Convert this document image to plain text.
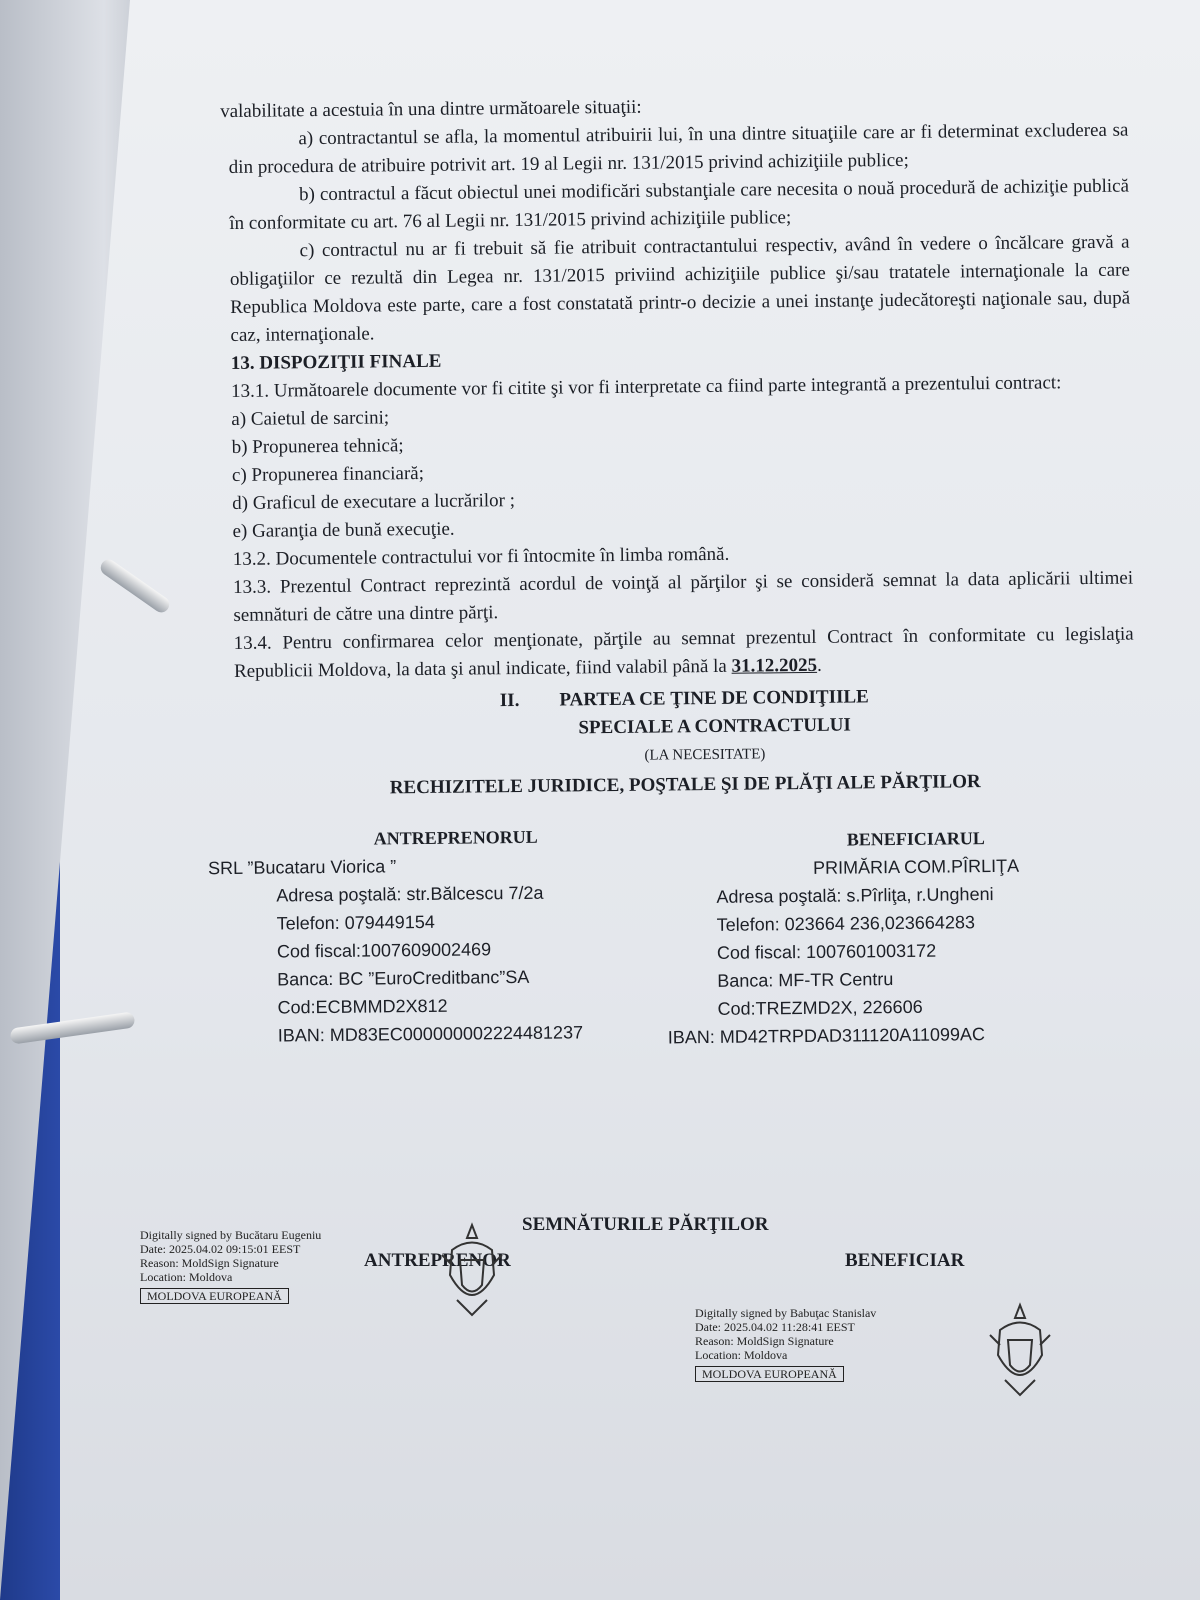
valabilitate a acestuia în una dintre următoarele situaţii:

a) contractantul se afla, la momentul atribuirii lui, în una dintre situaţiile care ar fi determinat excluderea sa din procedura de atribuire potrivit art. 19 al Legii nr. 131/2015 privind achiziţiile publice;

b) contractul a făcut obiectul unei modificări substanţiale care necesita o nouă procedură de achiziţie publică în conformitate cu art. 76 al Legii nr. 131/2015 privind achiziţiile publice;

c) contractul nu ar fi trebuit să fie atribuit contractantului respectiv, având în vedere o încălcare gravă a obligaţiilor ce rezultă din Legea nr. 131/2015 priviind achiziţiile publice şi/sau tratatele internaţionale la care Republica Moldova este parte, care a fost constatată printr-o decizie a unei instanţe judecătoreşti naţionale sau, după caz, internaţionale.

13. DISPOZIŢII FINALE

13.1. Următoarele documente vor fi citite şi vor fi interpretate ca fiind parte integrantă a prezentului contract:

a) Caietul de sarcini;

b) Propunerea tehnică;

c) Propunerea financiară;

d) Graficul de executare a lucrărilor ;

e) Garanţia de bună execuţie.

13.2. Documentele contractului vor fi întocmite în limba română.

13.3. Prezentul Contract reprezintă acordul de voinţă al părţilor şi se consideră semnat la data aplicării ultimei semnături de către una dintre părţi.

13.4. Pentru confirmarea celor menţionate, părţile au semnat prezentul Contract în conformitate cu legislaţia Republicii Moldova, la data şi anul indicate, fiind valabil până la 31.12.2025.

II. PARTEA CE ŢINE DE CONDIŢIILE
SPECIALE A CONTRACTULUI

(LA NECESITATE)

RECHIZITELE JURIDICE, POŞTALE ŞI DE PLĂŢI ALE PĂRŢILOR

ANTREPRENORUL
SRL ”Bucataru Viorica ”
Adresa poştală: str.Bălcescu 7/2a
Telefon: 079449154
Cod fiscal:1007609002469
Banca: BC ”EuroCreditbanc”SA
Cod:ECBMMD2X812
IBAN: MD83EC000000002224481237
BENEFICIARUL
PRIMĂRIA COM.PÎRLIŢA
Adresa poştală: s.Pîrliţa, r.Ungheni
Telefon: 023664 236,023664283
Cod fiscal: 1007601003172
Banca: MF-TR Centru
Cod:TREZMD2X, 226606
IBAN: MD42TRPDAD311120A11099AC
SEMNĂTURILE PĂRŢILOR
ANTREPRENOR	BENEFICIAR
Digitally signed by Bucătaru Eugeniu
Date: 2025.04.02 09:15:01 EEST
Reason: MoldSign Signature
Location: Moldova
MOLDOVA EUROPEANĂ
Digitally signed by Babuţac Stanislav
Date: 2025.04.02 11:28:41 EEST
Reason: MoldSign Signature
Location: Moldova
MOLDOVA EUROPEANĂ
